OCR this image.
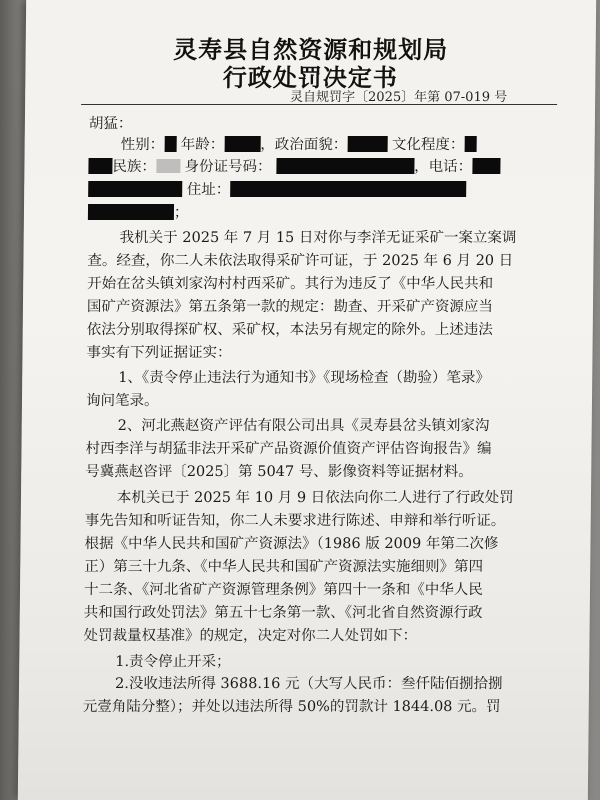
灵寿县自然资源和规划局
行政处罚决定书
灵自规罚字〔2025〕年第 07-019 号
胡猛：
性别： 年龄： ，政治面貌：	文化程度：
民族： 身份证号码：	，电话：
住址：
；
我机关于 2025 年 7 月 15 日对你与李洋无证采矿一案立案调
查。经查，你二人未依法取得采矿许可证，于 2025 年 6 月 20 日
开始在岔头镇刘家沟村村西采矿。其行为违反了《中华人民共和
国矿产资源法》第五条第一款的规定：勘查、开采矿产资源应当
依法分别取得探矿权、采矿权，本法另有规定的除外。上述违法
事实有下列证据证实：
1、《责令停止违法行为通知书》《现场检查（勘验）笔录》
询问笔录。
2、河北燕赵资产评估有限公司出具《灵寿县岔头镇刘家沟
村西李洋与胡猛非法开采矿产品资源价值资产评估咨询报告》编
号冀燕赵咨评〔2025〕第 5047 号、影像资料等证据材料。
本机关已于 2025 年 10 月 9 日依法向你二人进行了行政处罚
事先告知和听证告知，你二人未要求进行陈述、申辩和举行听证。
根据《中华人民共和国矿产资源法》（1986 版 2009 年第二次修
正）第三十九条、《中华人民共和国矿产资源法实施细则》第四
十二条、《河北省矿产资源管理条例》第四十一条和《中华人民
共和国行政处罚法》第五十七条第一款、《河北省自然资源行政
处罚裁量权基准》的规定，决定对你二人处罚如下：
1.责令停止开采；
2.没收违法所得 3688.16 元（大写人民币：叁仟陆佰捌拾捌
元壹角陆分整）；并处以违法所得 50%的罚款计 1844.08 元。罚
